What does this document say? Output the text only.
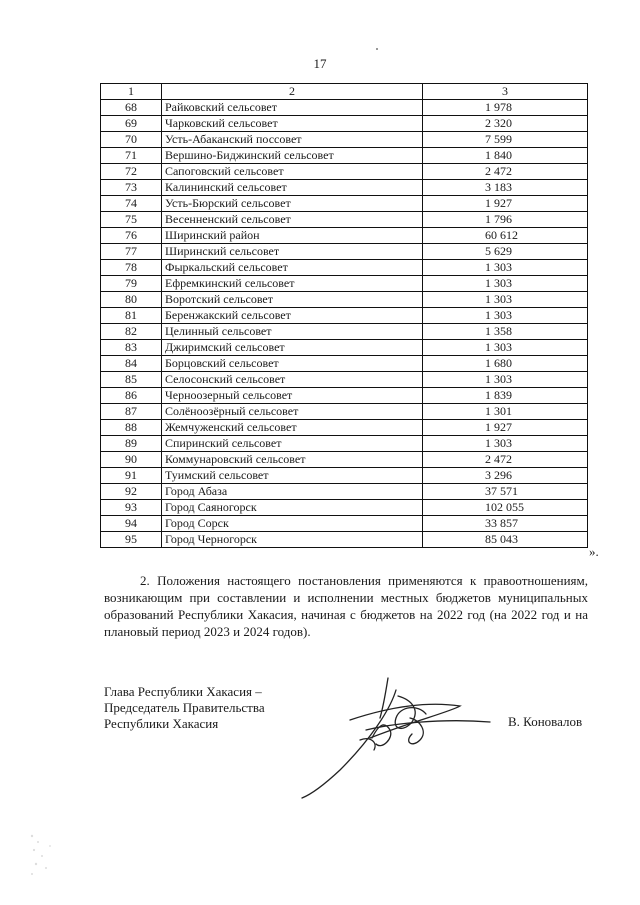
17
1	2	3
68	Райковский сельсовет	1 978
69	Чарковский сельсовет	2 320
70	Усть-Абаканский поссовет	7 599
71	Вершино-Биджинский сельсовет	1 840
72	Сапоговский сельсовет	2 472
73	Калининский сельсовет	3 183
74	Усть-Бюрский сельсовет	1 927
75	Весенненский сельсовет	1 796
76	Ширинский район	60 612
77	Ширинский сельсовет	5 629
78	Фыркальский сельсовет	1 303
79	Ефремкинский сельсовет	1 303
80	Воротский сельсовет	1 303
81	Беренжакский сельсовет	1 303
82	Целинный сельсовет	1 358
83	Джиримский сельсовет	1 303
84	Борцовский сельсовет	1 680
85	Селосонский сельсовет	1 303
86	Черноозерный сельсовет	1 839
87	Солёноозёрный сельсовет	1 301
88	Жемчуженский сельсовет	1 927
89	Спиринский сельсовет	1 303
90	Коммунаровский сельсовет	2 472
91	Туимский сельсовет	3 296
92	Город Абаза	37 571
93	Город Саяногорск	102 055
94	Город Сорск	33 857
95	Город Черногорск	85 043
».

2. Положения настоящего постановления применяются к правоотношениям, возникающим при составлении и исполнении местных бюджетов муниципальных образований Республики Хакасия, начиная с бюджетов на 2022 год (на 2022 год и на плановый период 2023 и 2024 годов).

Глава Республики Хакасия –
Председатель Правительства
Республики Хакасия	В. Коновалов
